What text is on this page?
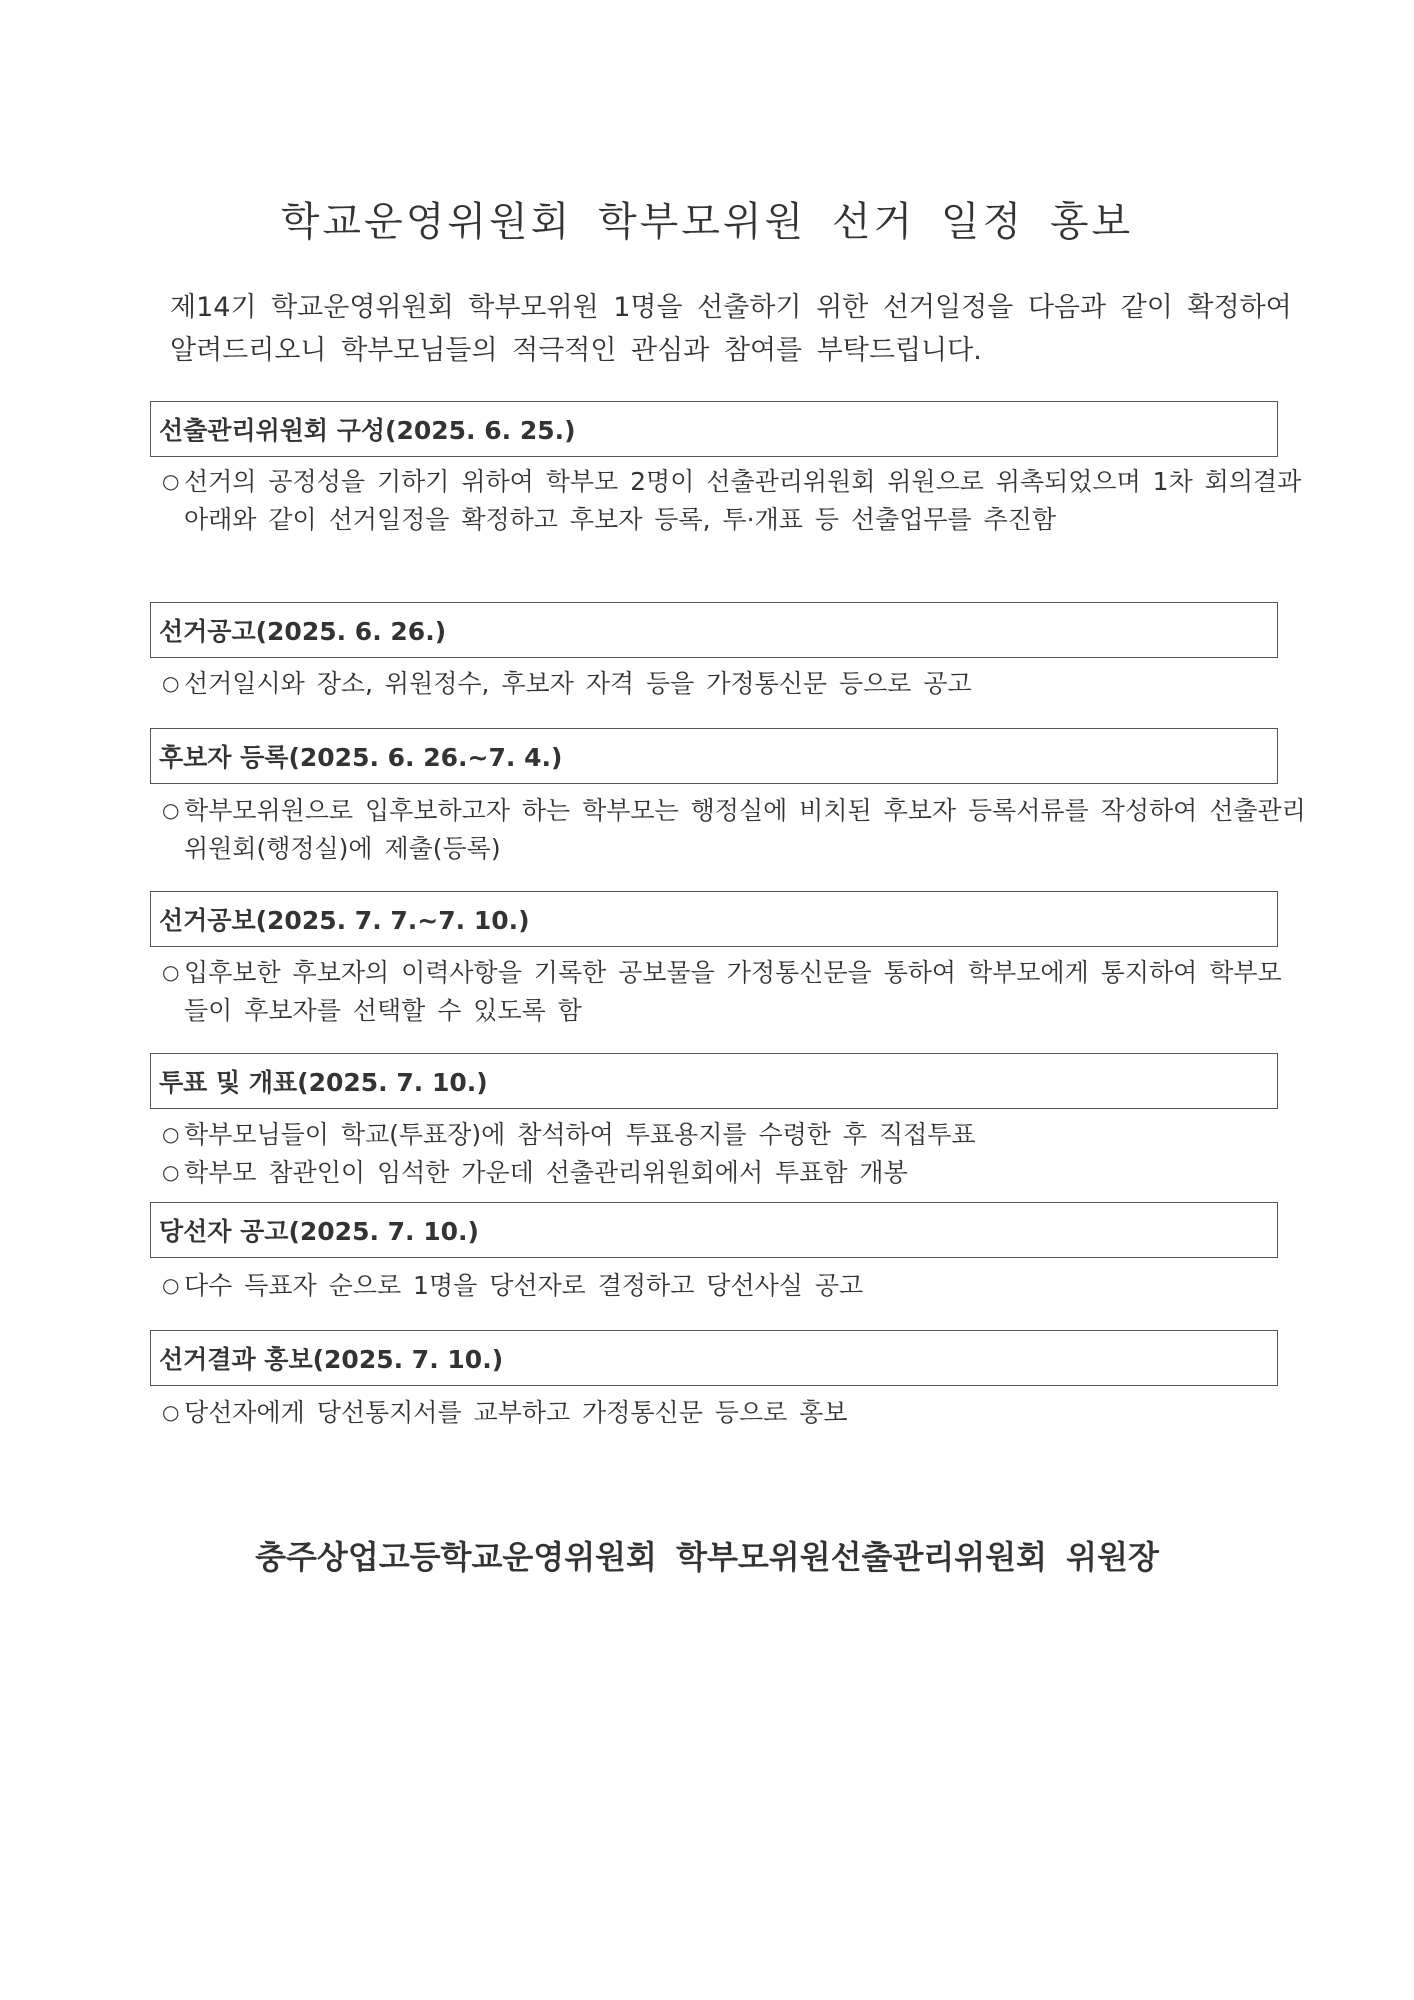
학교운영위원회 학부모위원 선거 일정 홍보

제14기 학교운영위원회 학부모위원 1명을 선출하기 위한 선거일정을 다음과 같이 확정하여
알려드리오니 학부모님들의 적극적인 관심과 참여를 부탁드립니다.

선출관리위원회 구성(2025. 6. 25.)

○ 선거의 공정성을 기하기 위하여 학부모 2명이 선출관리위원회 위원으로 위촉되었으며 1차 회의결과
아래와 같이 선거일정을 확정하고 후보자 등록, 투·개표 등 선출업무를 추진함

선거공고(2025. 6. 26.)

○ 선거일시와 장소, 위원정수, 후보자 자격 등을 가정통신문 등으로 공고

후보자 등록(2025. 6. 26.~7. 4.)

○ 학부모위원으로 입후보하고자 하는 학부모는 행정실에 비치된 후보자 등록서류를 작성하여 선출관리
위원회(행정실)에 제출(등록)

선거공보(2025. 7. 7.~7. 10.)

○ 입후보한 후보자의 이력사항을 기록한 공보물을 가정통신문을 통하여 학부모에게 통지하여 학부모
들이 후보자를 선택할 수 있도록 함

투표 및 개표(2025. 7. 10.)

○ 학부모님들이 학교(투표장)에 참석하여 투표용지를 수령한 후 직접투표

○ 학부모 참관인이 임석한 가운데 선출관리위원회에서 투표함 개봉

당선자 공고(2025. 7. 10.)

○ 다수 득표자 순으로 1명을 당선자로 결정하고 당선사실 공고

선거결과 홍보(2025. 7. 10.)

○ 당선자에게 당선통지서를 교부하고 가정통신문 등으로 홍보

충주상업고등학교운영위원회 학부모위원선출관리위원회 위원장
